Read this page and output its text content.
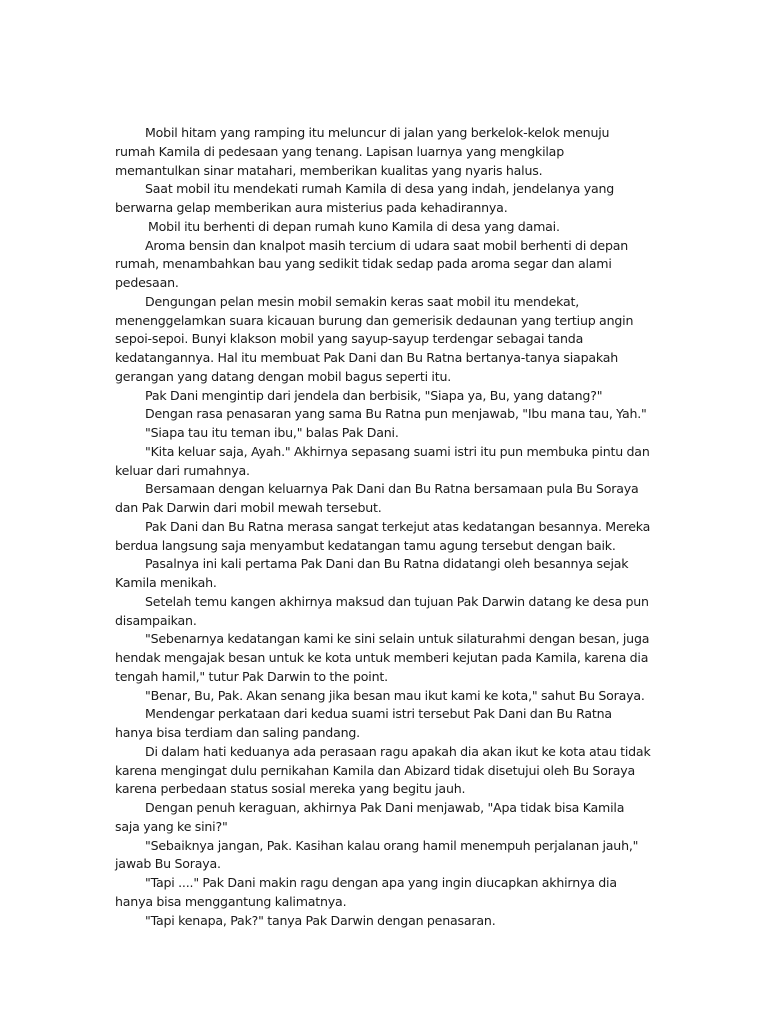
Mobil hitam yang ramping itu meluncur di jalan yang berkelok-kelok menuju rumah Kamila di pedesaan yang tenang. Lapisan luarnya yang mengkilap memantulkan sinar matahari, memberikan kualitas yang nyaris halus.

Saat mobil itu mendekati rumah Kamila di desa yang indah, jendelanya yang berwarna gelap memberikan aura misterius pada kehadirannya.

Mobil itu berhenti di depan rumah kuno Kamila di desa yang damai.

Aroma bensin dan knalpot masih tercium di udara saat mobil berhenti di depan rumah, menambahkan bau yang sedikit tidak sedap pada aroma segar dan alami pedesaan.

Dengungan pelan mesin mobil semakin keras saat mobil itu mendekat, menenggelamkan suara kicauan burung dan gemerisik dedaunan yang tertiup angin sepoi-sepoi. Bunyi klakson mobil yang sayup-sayup terdengar sebagai tanda kedatangannya. Hal itu membuat Pak Dani dan Bu Ratna bertanya-tanya siapakah gerangan yang datang dengan mobil bagus seperti itu.

Pak Dani mengintip dari jendela dan berbisik, "Siapa ya, Bu, yang datang?"

Dengan rasa penasaran yang sama Bu Ratna pun menjawab, "Ibu mana tau, Yah."

"Siapa tau itu teman ibu," balas Pak Dani.

"Kita keluar saja, Ayah." Akhirnya sepasang suami istri itu pun membuka pintu dan keluar dari rumahnya.

Bersamaan dengan keluarnya Pak Dani dan Bu Ratna bersamaan pula Bu Soraya dan Pak Darwin dari mobil mewah tersebut.

Pak Dani dan Bu Ratna merasa sangat terkejut atas kedatangan besannya. Mereka berdua langsung saja menyambut kedatangan tamu agung tersebut dengan baik.

Pasalnya ini kali pertama Pak Dani dan Bu Ratna didatangi oleh besannya sejak Kamila menikah.

Setelah temu kangen akhirnya maksud dan tujuan Pak Darwin datang ke desa pun disampaikan.

"Sebenarnya kedatangan kami ke sini selain untuk silaturahmi dengan besan, juga hendak mengajak besan untuk ke kota untuk memberi kejutan pada Kamila, karena dia tengah hamil," tutur Pak Darwin to the point.

"Benar, Bu, Pak. Akan senang jika besan mau ikut kami ke kota," sahut Bu Soraya.

Mendengar perkataan dari kedua suami istri tersebut Pak Dani dan Bu Ratna hanya bisa terdiam dan saling pandang.

Di dalam hati keduanya ada perasaan ragu apakah dia akan ikut ke kota atau tidak karena mengingat dulu pernikahan Kamila dan Abizard tidak disetujui oleh Bu Soraya karena perbedaan status sosial mereka yang begitu jauh.

Dengan penuh keraguan, akhirnya Pak Dani menjawab, "Apa tidak bisa Kamila saja yang ke sini?"

"Sebaiknya jangan, Pak. Kasihan kalau orang hamil menempuh perjalanan jauh," jawab Bu Soraya.

"Tapi ...." Pak Dani makin ragu dengan apa yang ingin diucapkan akhirnya dia hanya bisa menggantung kalimatnya.

"Tapi kenapa, Pak?" tanya Pak Darwin dengan penasaran.
